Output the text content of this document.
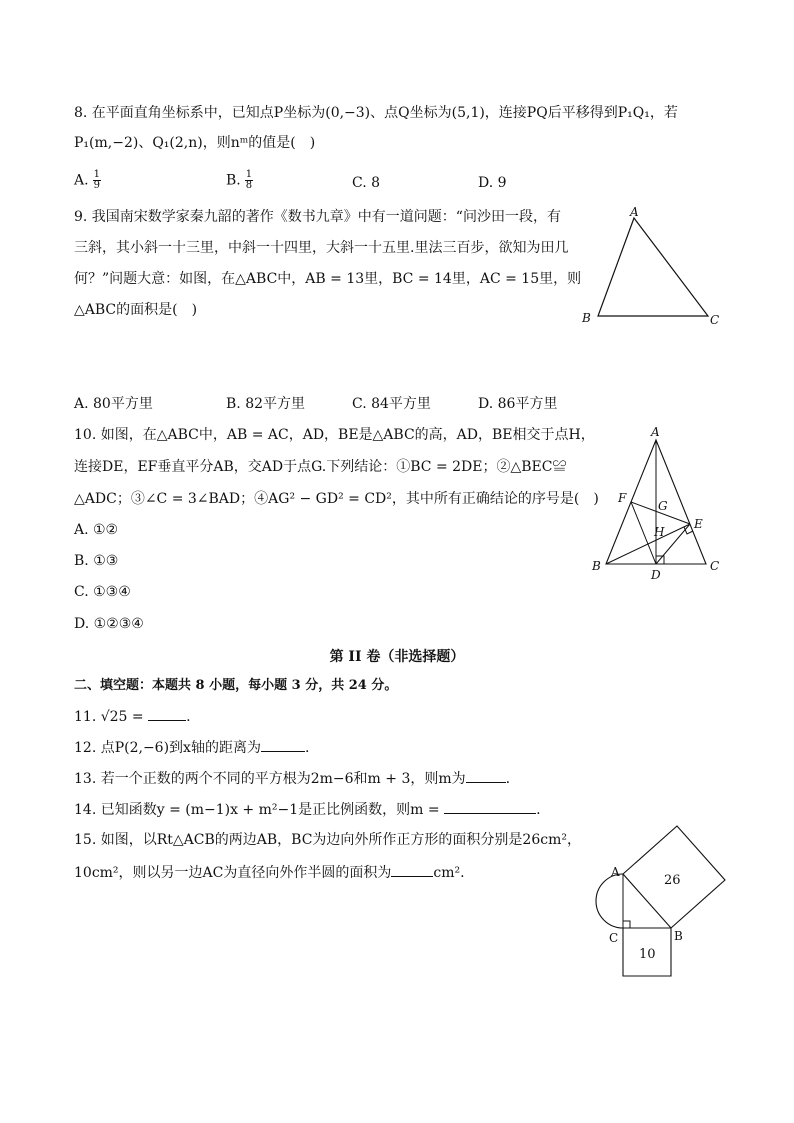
8. 在平面直角坐标系中，已知点P坐标为(0,−3)、点Q坐标为(5,1)，连接PQ后平移得到P₁Q₁，若
P₁(m,−2)、Q₁(2,n)，则nᵐ的值是(　)
A. $\frac{1}{9}$	B. $\frac{1}{8}$	C. 8	D. 9
9. 我国南宋数学家秦九韶的著作《数书九章》中有一道问题：“问沙田一段，有
三斜，其小斜一十三里，中斜一十四里，大斜一十五里.里法三百步，欲知为田几
何？”问题大意：如图，在△ABC中，AB = 13里，BC = 14里，AC = 15里，则
△ABC的面积是(　)
A
B	C
A. 80平方里	B. 82平方里	C. 84平方里	D. 86平方里
10. 如图，在△ABC中，AB = AC，AD，BE是△ABC的高，AD，BE相交于点H，
连接DE，EF垂直平分AB，交AD于点G.下列结论：①BC = 2DE；②△BEC≌
△ADC；③∠C = 3∠BAD；④AG² − GD² = CD²，其中所有正确结论的序号是(　)
A. ①②
B. ①③
C. ①③④
D. ①②③④
A
B	C
D
E
F
G
H
第 II 卷（非选择题）
二、填空题：本题共 8 小题，每小题 3 分，共 24 分。
11. √25 =	.
12. 点P(2,−6)到x轴的距离为	.
13. 若一个正数的两个不同的平方根为2m−6和m + 3，则m为	.
14. 已知函数y = (m−1)x + m²−1是正比例函数，则m =	.
15. 如图，以Rt△ACB的两边AB，BC为边向外所作正方形的面积分别是26cm²，
10cm²，则以另一边AC为直径向外作半圆的面积为	cm².	A
C	B
26
10
